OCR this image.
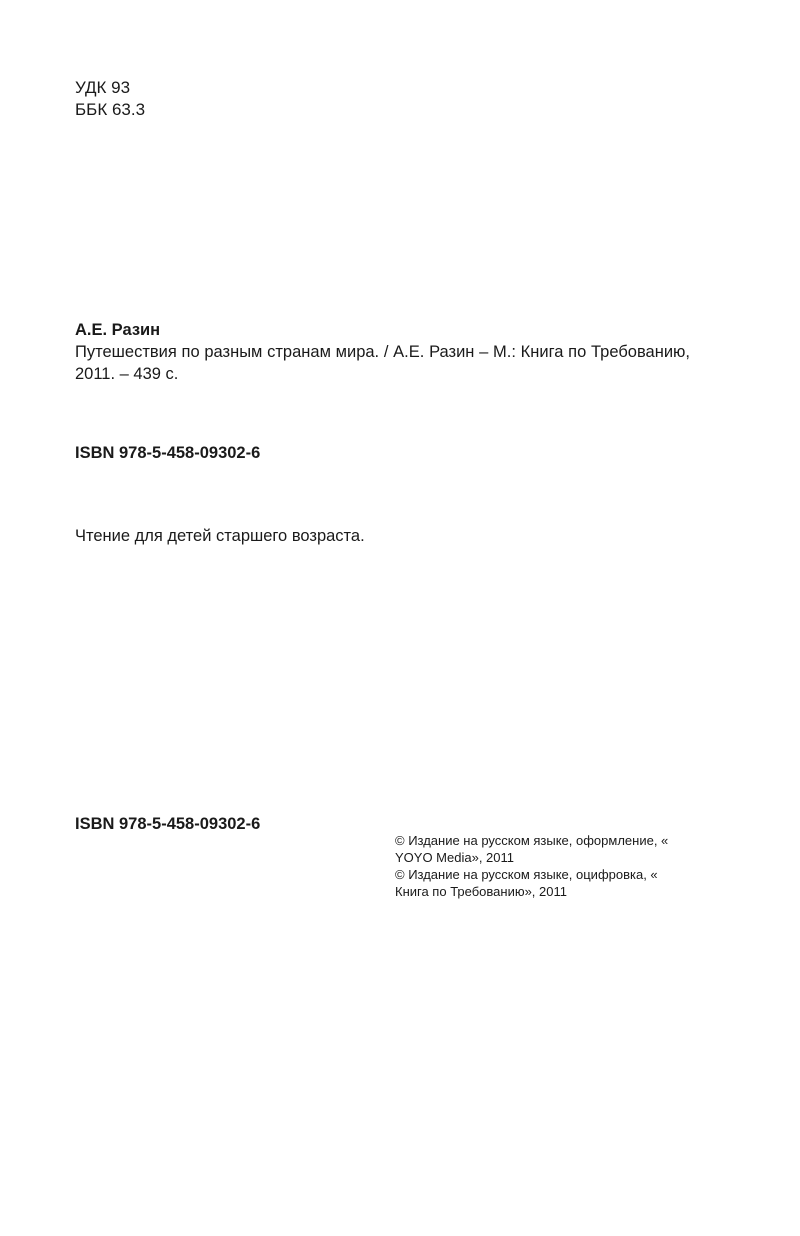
УДК 93
ББК 63.3
А.Е. Разин
Путешествия по разным странам мира. / А.Е. Разин – М.: Книга по Требованию, 2011. – 439 с.
ISBN 978-5-458-09302-6
Чтение для детей старшего возраста.
ISBN 978-5-458-09302-6
© Издание на русском языке, оформление, «
YOYO Media», 2011
© Издание на русском языке, оцифровка, «
Книга по Требованию», 2011
